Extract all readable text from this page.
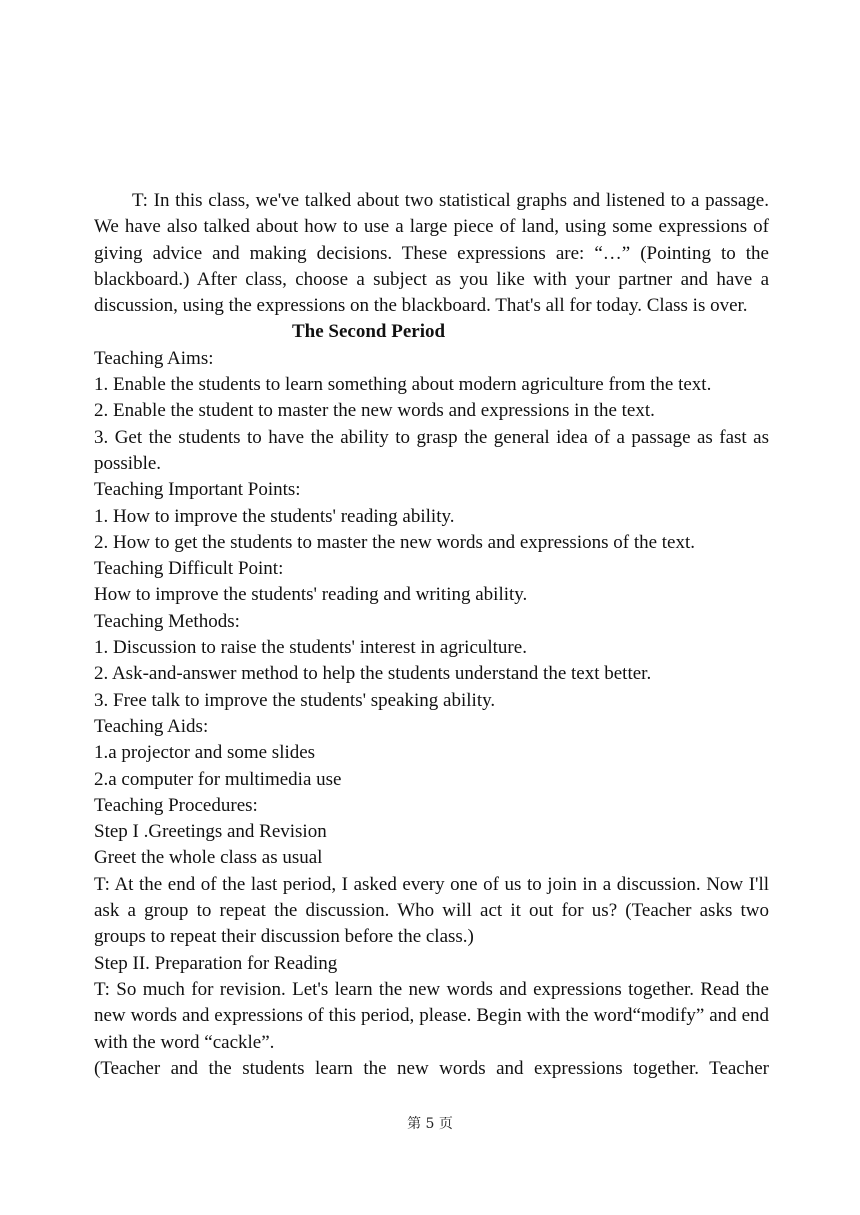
T: In this class, we've talked about two statistical graphs and listened to a passage. We have also talked about how to use a large piece of land, using some expressions of giving advice and making decisions. These expressions are: “…” (Pointing to the blackboard.) After class, choose a subject as you like with your partner and have a discussion, using the expressions on the blackboard. That's all for today. Class is over.

The Second Period

Teaching Aims:

1. Enable the students to learn something about modern agriculture from the text.

2. Enable the student to master the new words and expressions in the text.

3. Get the students to have the ability to grasp the general idea of a passage as fast as possible.

Teaching Important Points:

1. How to improve the students' reading ability.

2. How to get the students to master the new words and expressions of the text.

Teaching Difficult Point:

How to improve the students' reading and writing ability.

Teaching Methods:

1. Discussion to raise the students' interest in agriculture.

2. Ask-and-answer method to help the students understand the text better.

3. Free talk to improve the students' speaking ability.

Teaching Aids:

1.a projector and some slides

2.a computer for multimedia use

Teaching Procedures:

Step I .Greetings and Revision

Greet the whole class as usual

T: At the end of the last period, I asked every one of us to join in a discussion. Now I'll ask a group to repeat the discussion. Who will act it out for us? (Teacher asks two groups to repeat their discussion before the class.)

Step II. Preparation for Reading

T: So much for revision. Let's learn the new words and expressions together. Read the new words and expressions of this period, please. Begin with the word“modify” and end with the word “cackle”.

(Teacher and the students learn the new words and expressions together. Teacher

第 5 页
